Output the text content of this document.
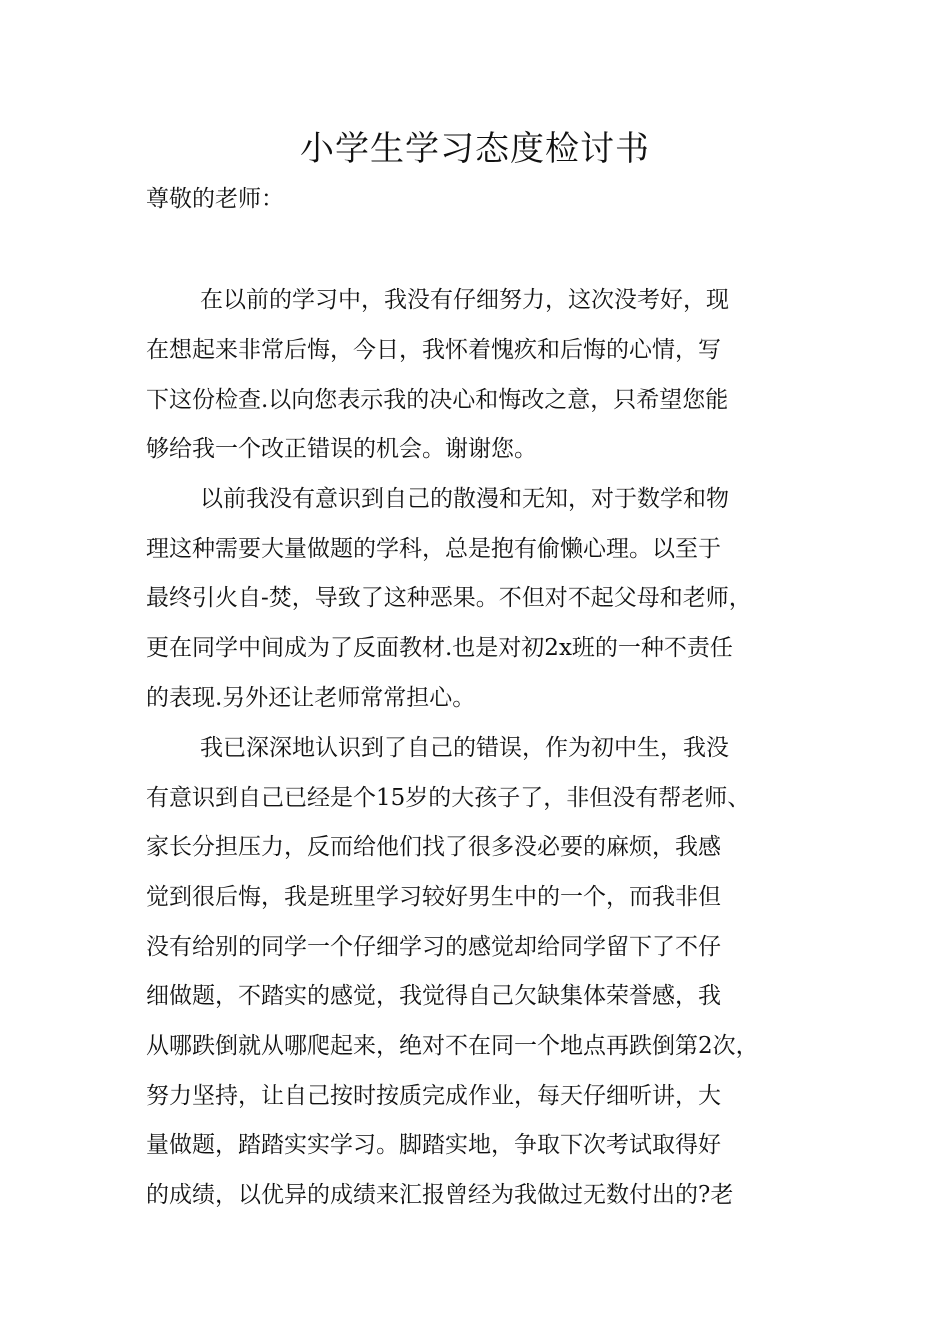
小学生学习态度检讨书
尊敬的老师：
在以前的学习中，我没有仔细努力，这次没考好，现
在想起来非常后悔，今日，我怀着愧疚和后悔的心情，写
下这份检查.以向您表示我的决心和悔改之意，只希望您能
够给我一个改正错误的机会。谢谢您。
以前我没有意识到自己的散漫和无知，对于数学和物
理这种需要大量做题的学科，总是抱有偷懒心理。以至于
最终引火自-焚，导致了这种恶果。不但对不起父母和老师，
更在同学中间成为了反面教材.也是对初2x班的一种不责任
的表现.另外还让老师常常担心。
我已深深地认识到了自己的错误，作为初中生，我没
有意识到自己已经是个15岁的大孩子了，非但没有帮老师、
家长分担压力，反而给他们找了很多没必要的麻烦，我感
觉到很后悔，我是班里学习较好男生中的一个，而我非但
没有给别的同学一个仔细学习的感觉却给同学留下了不仔
细做题，不踏实的感觉，我觉得自己欠缺集体荣誉感，我
从哪跌倒就从哪爬起来，绝对不在同一个地点再跌倒第2次，
努力坚持，让自己按时按质完成作业，每天仔细听讲，大
量做题，踏踏实实学习。脚踏实地，争取下次考试取得好
的成绩，以优异的成绩来汇报曾经为我做过无数付出的?老
